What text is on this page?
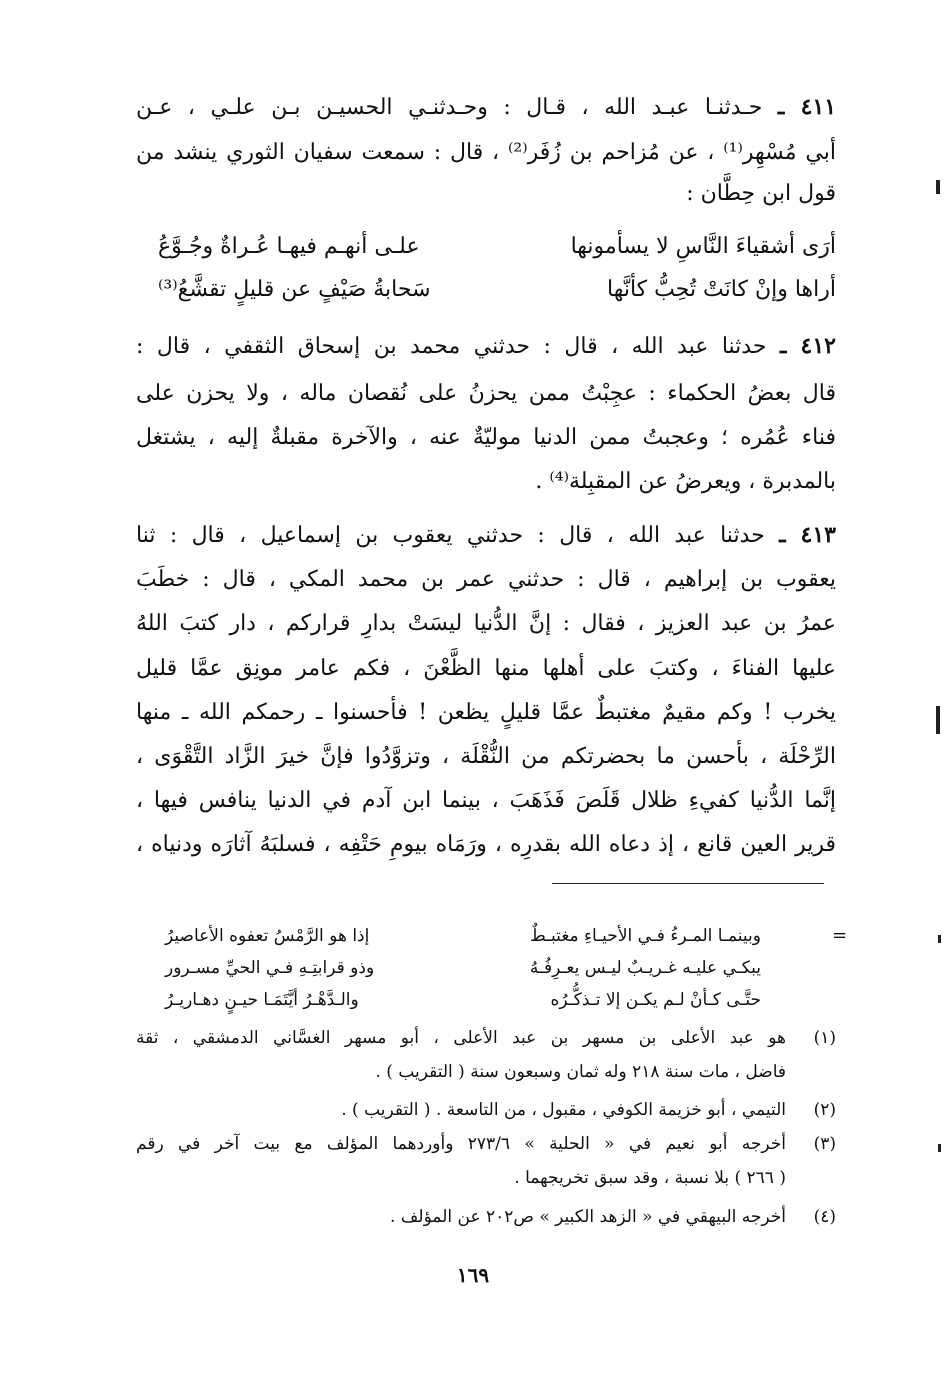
٤١١ ـ حـدثنـا عبـد الله ، قـال : وحـدثنـي الحسيـن بـن علـي ، عـن
أبي مُسْهِر⁽¹⁾ ، عن مُزاحم بن زُفَر⁽²⁾ ، قال : سمعت سفيان الثوري ينشد من
قول ابن حِطَّان :
أرَى أشقياءَ النَّاسِ لا يسأمونها
علـى أنهـم فيهـا عُـراةٌ وجُـوَّعُ
أراها وإنْ كانَتْ تُحِبُّ كأنَّها
سَحابةُ صَيْفٍ عن قليلٍ تقشَّعُ⁽³⁾
٤١٢ ـ حدثنا عبد الله ، قال : حدثني محمد بن إسحاق الثقفي ، قال :
قال بعضُ الحكماء : عجِبْتُ ممن يحزنُ على نُقصان ماله ، ولا يحزن على
فناء عُمُره ؛ وعجبتُ ممن الدنيا موليّةٌ عنه ، والآخرة مقبلةٌ إليه ، يشتغل
بالمدبرة ، ويعرضُ عن المقبِلة⁽⁴⁾ .
٤١٣ ـ حدثنا عبد الله ، قال : حدثني يعقوب بن إسماعيل ، قال : ثنا
يعقوب بن إبراهيم ، قال : حدثني عمر بن محمد المكي ، قال : خطَبَ
عمرُ بن عبد العزيز ، فقال : إنَّ الدُّنيا ليسَتْ بدارِ قراركم ، دار كتبَ اللهُ
عليها الفناءَ ، وكتبَ على أهلها منها الظَّعْنَ ، فكم عامر مونِق عمَّا قليل
يخرب ! وكم مقيمٌ مغتبطٌ عمَّا قليلٍ يظعن ! فأحسنوا ـ رحمكم الله ـ منها
الرِّحْلَة ، بأحسن ما بحضرتكم من النُّقْلَة ، وتزوَّدُوا فإنَّ خيرَ الزَّاد التَّقْوَى ،
إنَّما الدُّنيا كفيءِ ظلال قَلَصَ فَذَهَبَ ، بينما ابن آدم في الدنيا ينافس فيها ،
قرير العين قانع ، إذ دعاه الله بقدرِه ، ورَمَاه بيومِ حَتْفِه ، فسلبَهُ آثارَه ودنياه ،
=
وبينمـا المـرءُ فـي الأحيـاءِ مغتبـطٌ
إذا هو الرَّمْسُ تعفوه الأعاصيرُ
يبكـي عليـه غـريـبٌ ليـس يعـرِفُـهُ
وذو قرابتِـهِ فـي الحيِّ مسـرور
حتَّـى كـأنْ لـم يكـن إلا تـذكُّـرُه
والـدَّهْـرُ أيَّتَمَـا حيـنٍ دهـاريـرُ
(١)
هو عبد الأعلى بن مسهر بن عبد الأعلى ، أبو مسهر الغسَّاني الدمشقي ، ثقة
فاضل ، مات سنة ٢١٨ وله ثمان وسبعون سنة ( التقريب ) .
(٢)
التيمي ، أبو خزيمة الكوفي ، مقبول ، من التاسعة . ( التقريب ) .
(٣)
أخرجه أبو نعيم في « الحلية » ٢٧٣/٦ وأوردهما المؤلف مع بيت آخر في رقم
( ٢٦٦ ) بلا نسبة ، وقد سبق تخريجهما .
(٤)
أخرجه البيهقي في « الزهد الكبير » ص٢٠٢ عن المؤلف .
١٦٩
